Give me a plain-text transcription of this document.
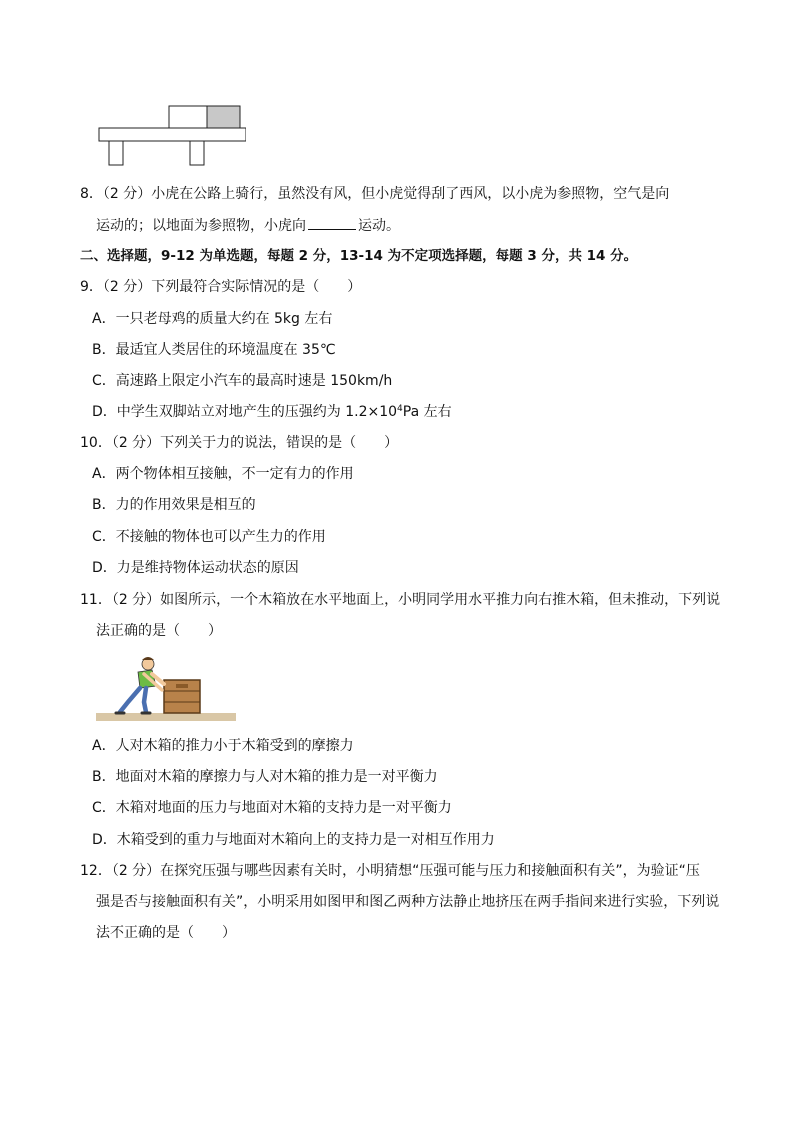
8．（2 分）小虎在公路上骑行，虽然没有风，但小虎觉得刮了西风，以小虎为参照物，空气是向
运动的；以地面为参照物，小虎向	运动。
二、选择题，9-12 为单选题，每题 2 分，13-14 为不定项选择题，每题 3 分，共 14 分。
9．（2 分）下列最符合实际情况的是（　　）
A．一只老母鸡的质量大约在 5kg 左右
B．最适宜人类居住的环境温度在 35℃
C．高速路上限定小汽车的最高时速是 150km/h
D．中学生双脚站立对地产生的压强约为 $1.2\times 10^4Pa$ 左右
10．（2 分）下列关于力的说法，错误的是（　　）
A．两个物体相互接触，不一定有力的作用
B．力的作用效果是相互的
C．不接触的物体也可以产生力的作用
D．力是维持物体运动状态的原因
11．（2 分）如图所示，一个木箱放在水平地面上，小明同学用水平推力向右推木箱，但未推动，下列说
法正确的是（　　）
A．人对木箱的推力小于木箱受到的摩擦力
B．地面对木箱的摩擦力与人对木箱的推力是一对平衡力
C．木箱对地面的压力与地面对木箱的支持力是一对平衡力
D．木箱受到的重力与地面对木箱向上的支持力是一对相互作用力
12．（2 分）在探究压强与哪些因素有关时，小明猜想“压强可能与压力和接触面积有关”，为验证“压
强是否与接触面积有关”，小明采用如图甲和图乙两种方法静止地挤压在两手指间来进行实验，下列说
法不正确的是（　　）
